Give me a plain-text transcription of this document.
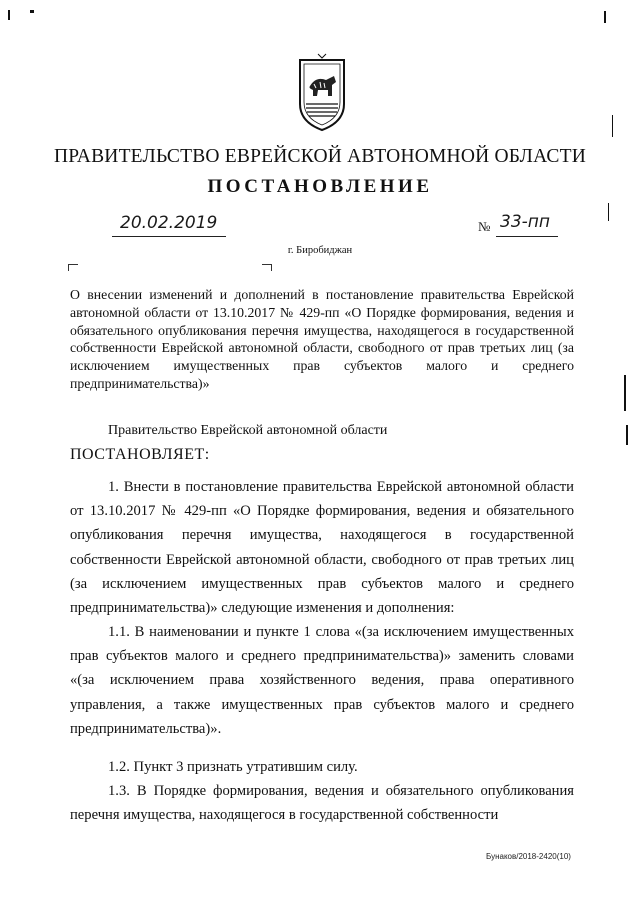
ПРАВИТЕЛЬСТВО ЕВРЕЙСКОЙ АВТОНОМНОЙ ОБЛАСТИ
ПОСТАНОВЛЕНИЕ
20.02.2019	№ 33-пп
г. Биробиджан
О внесении изменений и дополнений в постановление правительства Еврейской автономной области от 13.10.2017 № 429-пп «О Порядке формирования, ведения и обязательного опубликования перечня имущества, находящегося в государственной собственности Еврейской автономной области, свободного от прав третьих лиц (за исключением имущественных прав субъектов малого и среднего предпринимательства)»
Правительство Еврейской автономной области
ПОСТАНОВЛЯЕТ:
1. Внести в постановление правительства Еврейской автономной области от 13.10.2017 № 429-пп «О Порядке формирования, ведения и обязательного опубликования перечня имущества, находящегося в государственной собственности Еврейской автономной области, свободного от прав третьих лиц (за исключением имущественных прав субъектов малого и среднего предпринимательства)» следующие изменения и дополнения:
1.1. В наименовании и пункте 1 слова «(за исключением имущественных прав субъектов малого и среднего предпринимательства)» заменить словами «(за исключением права хозяйственного ведения, права оперативного управления, а также имущественных прав субъектов малого и среднего предпринимательства)».
1.2. Пункт 3 признать утратившим силу.
1.3. В Порядке формирования, ведения и обязательного опубликования перечня имущества, находящегося в государственной собственности
Бунаков/2018-2420(10)
